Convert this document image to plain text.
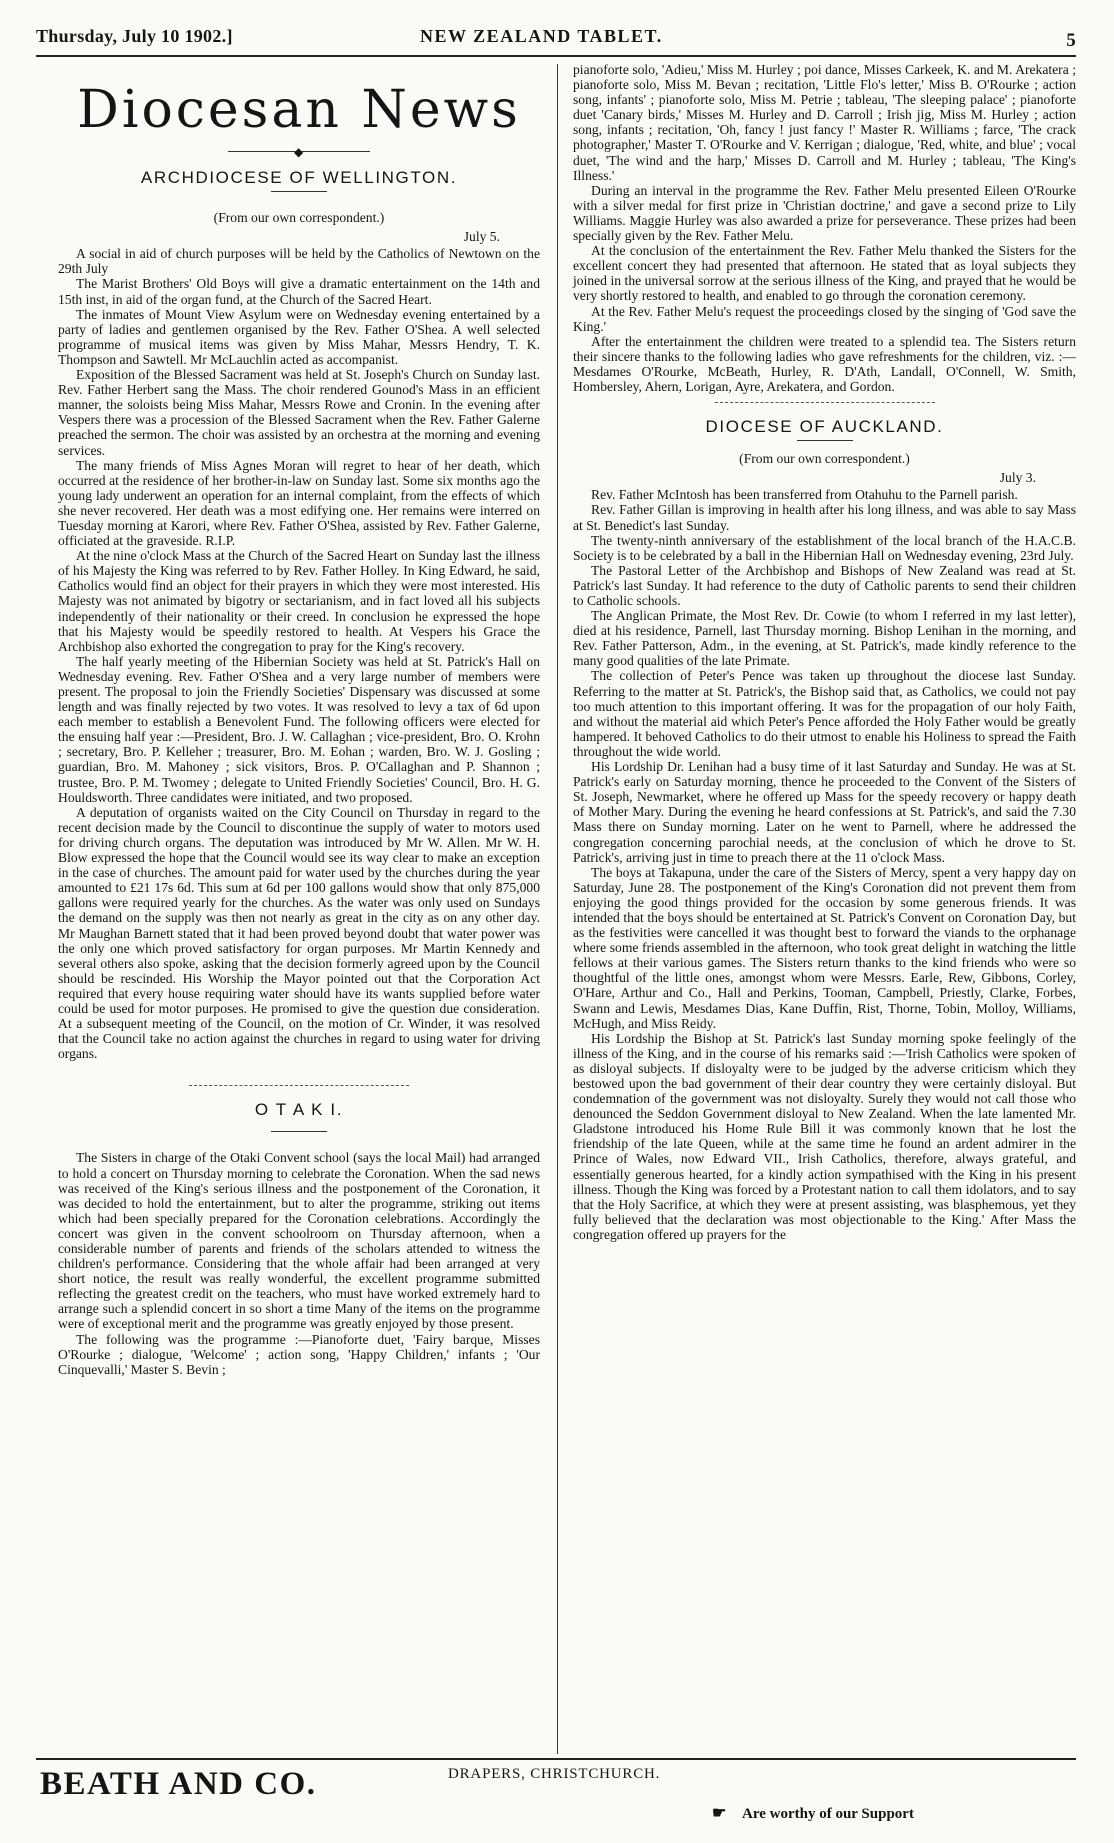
Thursday, July 10 1902.]	NEW ZEALAND TABLET.	5
Diocesan News
◆
ARCHDIOCESE OF WELLINGTON.
(From our own correspondent.)
July 5.

A social in aid of church purposes will be held by the Catholics of Newtown on the 29th July

The Marist Brothers' Old Boys will give a dramatic entertainment on the 14th and 15th inst, in aid of the organ fund, at the Church of the Sacred Heart.

The inmates of Mount View Asylum were on Wednesday evening entertained by a party of ladies and gentlemen organised by the Rev. Father O'Shea. A well selected programme of musical items was given by Miss Mahar, Messrs Hendry, T. K. Thompson and Sawtell. Mr McLauchlin acted as accompanist.

Exposition of the Blessed Sacrament was held at St. Joseph's Church on Sunday last. Rev. Father Herbert sang the Mass. The choir rendered Gounod's Mass in an efficient manner, the soloists being Miss Mahar, Messrs Rowe and Cronin. In the evening after Vespers there was a procession of the Blessed Sacrament when the Rev. Father Galerne preached the sermon. The choir was assisted by an orchestra at the morning and evening services.

The many friends of Miss Agnes Moran will regret to hear of her death, which occurred at the residence of her brother-in-law on Sunday last. Some six months ago the young lady underwent an operation for an internal complaint, from the effects of which she never recovered. Her death was a most edifying one. Her remains were interred on Tuesday morning at Karori, where Rev. Father O'Shea, assisted by Rev. Father Galerne, officiated at the graveside. R.I.P.

At the nine o'clock Mass at the Church of the Sacred Heart on Sunday last the illness of his Majesty the King was referred to by Rev. Father Holley. In King Edward, he said, Catholics would find an object for their prayers in which they were most interested. His Majesty was not animated by bigotry or sectarianism, and in fact loved all his subjects independently of their nationality or their creed. In conclusion he expressed the hope that his Majesty would be speedily restored to health. At Vespers his Grace the Archbishop also exhorted the congregation to pray for the King's recovery.

The half yearly meeting of the Hibernian Society was held at St. Patrick's Hall on Wednesday evening. Rev. Father O'Shea and a very large number of members were present. The proposal to join the Friendly Societies' Dispensary was discussed at some length and was finally rejected by two votes. It was resolved to levy a tax of 6d upon each member to establish a Benevolent Fund. The following officers were elected for the ensuing half year :—President, Bro. J. W. Callaghan ; vice-president, Bro. O. Krohn ; secretary, Bro. P. Kelleher ; treasurer, Bro. M. Eohan ; warden, Bro. W. J. Gosling ; guardian, Bro. M. Mahoney ; sick visitors, Bros. P. O'Callaghan and P. Shannon ; trustee, Bro. P. M. Twomey ; delegate to United Friendly Societies' Council, Bro. H. G. Houldsworth. Three candidates were initiated, and two proposed.

A deputation of organists waited on the City Council on Thursday in regard to the recent decision made by the Council to discontinue the supply of water to motors used for driving church organs. The deputation was introduced by Mr W. Allen. Mr W. H. Blow expressed the hope that the Council would see its way clear to make an exception in the case of churches. The amount paid for water used by the churches during the year amounted to £21 17s 6d. This sum at 6d per 100 gallons would show that only 875,000 gallons were required yearly for the churches. As the water was only used on Sundays the demand on the supply was then not nearly as great in the city as on any other day. Mr Maughan Barnett stated that it had been proved beyond doubt that water power was the only one which proved satisfactory for organ purposes. Mr Martin Kennedy and several others also spoke, asking that the decision formerly agreed upon by the Council should be rescinded. His Worship the Mayor pointed out that the Corporation Act required that every house requiring water should have its wants supplied before water could be used for motor purposes. He promised to give the question due consideration. At a subsequent meeting of the Council, on the motion of Cr. Winder, it was resolved that the Council take no action against the churches in regard to using water for driving organs.

O T A K I.

The Sisters in charge of the Otaki Convent school (says the local Mail) had arranged to hold a concert on Thursday morning to celebrate the Coronation. When the sad news was received of the King's serious illness and the postponement of the Coronation, it was decided to hold the entertainment, but to alter the programme, striking out items which had been specially prepared for the Coronation celebrations. Accordingly the concert was given in the convent schoolroom on Thursday afternoon, when a considerable number of parents and friends of the scholars attended to witness the children's performance. Considering that the whole affair had been arranged at very short notice, the result was really wonderful, the excellent programme submitted reflecting the greatest credit on the teachers, who must have worked extremely hard to arrange such a splendid concert in so short a time Many of the items on the programme were of exceptional merit and the programme was greatly enjoyed by those present.

The following was the programme :—Pianoforte duet, 'Fairy barque, Misses O'Rourke ; dialogue, 'Welcome' ; action song, 'Happy Children,' infants ; 'Our Cinquevalli,' Master S. Bevin ;

pianoforte solo, 'Adieu,' Miss M. Hurley ; poi dance, Misses Carkeek, K. and M. Arekatera ; pianoforte solo, Miss M. Bevan ; recitation, 'Little Flo's letter,' Miss B. O'Rourke ; action song, infants' ; pianoforte solo, Miss M. Petrie ; tableau, 'The sleeping palace' ; pianoforte duet 'Canary birds,' Misses M. Hurley and D. Carroll ; Irish jig, Miss M. Hurley ; action song, infants ; recitation, 'Oh, fancy ! just fancy !' Master R. Williams ; farce, 'The crack photographer,' Master T. O'Rourke and V. Kerrigan ; dialogue, 'Red, white, and blue' ; vocal duet, 'The wind and the harp,' Misses D. Carroll and M. Hurley ; tableau, 'The King's Illness.'

During an interval in the programme the Rev. Father Melu presented Eileen O'Rourke with a silver medal for first prize in 'Christian doctrine,' and gave a second prize to Lily Williams. Maggie Hurley was also awarded a prize for perseverance. These prizes had been specially given by the Rev. Father Melu.

At the conclusion of the entertainment the Rev. Father Melu thanked the Sisters for the excellent concert they had presented that afternoon. He stated that as loyal subjects they joined in the universal sorrow at the serious illness of the King, and prayed that he would be very shortly restored to health, and enabled to go through the coronation ceremony.

At the Rev. Father Melu's request the proceedings closed by the singing of 'God save the King.'

After the entertainment the children were treated to a splendid tea. The Sisters return their sincere thanks to the following ladies who gave refreshments for the children, viz. :—Mesdames O'Rourke, McBeath, Hurley, R. D'Ath, Landall, O'Connell, W. Smith, Hombersley, Ahern, Lorigan, Ayre, Arekatera, and Gordon.

DIOCESE OF AUCKLAND.
(From our own correspondent.)
July 3.

Rev. Father McIntosh has been transferred from Otahuhu to the Parnell parish.

Rev. Father Gillan is improving in health after his long illness, and was able to say Mass at St. Benedict's last Sunday.

The twenty-ninth anniversary of the establishment of the local branch of the H.A.C.B. Society is to be celebrated by a ball in the Hibernian Hall on Wednesday evening, 23rd July.

The Pastoral Letter of the Archbishop and Bishops of New Zealand was read at St. Patrick's last Sunday. It had reference to the duty of Catholic parents to send their children to Catholic schools.

The Anglican Primate, the Most Rev. Dr. Cowie (to whom I referred in my last letter), died at his residence, Parnell, last Thursday morning. Bishop Lenihan in the morning, and Rev. Father Patterson, Adm., in the evening, at St. Patrick's, made kindly reference to the many good qualities of the late Primate.

The collection of Peter's Pence was taken up throughout the diocese last Sunday. Referring to the matter at St. Patrick's, the Bishop said that, as Catholics, we could not pay too much attention to this important offering. It was for the propagation of our holy Faith, and without the material aid which Peter's Pence afforded the Holy Father would be greatly hampered. It behoved Catholics to do their utmost to enable his Holiness to spread the Faith throughout the wide world.

His Lordship Dr. Lenihan had a busy time of it last Saturday and Sunday. He was at St. Patrick's early on Saturday morning, thence he proceeded to the Convent of the Sisters of St. Joseph, Newmarket, where he offered up Mass for the speedy recovery or happy death of Mother Mary. During the evening he heard confessions at St. Patrick's, and said the 7.30 Mass there on Sunday morning. Later on he went to Parnell, where he addressed the congregation concerning parochial needs, at the conclusion of which he drove to St. Patrick's, arriving just in time to preach there at the 11 o'clock Mass.

The boys at Takapuna, under the care of the Sisters of Mercy, spent a very happy day on Saturday, June 28. The postponement of the King's Coronation did not prevent them from enjoying the good things provided for the occasion by some generous friends. It was intended that the boys should be entertained at St. Patrick's Convent on Coronation Day, but as the festivities were cancelled it was thought best to forward the viands to the orphanage where some friends assembled in the afternoon, who took great delight in watching the little fellows at their various games. The Sisters return thanks to the kind friends who were so thoughtful of the little ones, amongst whom were Messrs. Earle, Rew, Gibbons, Corley, O'Hare, Arthur and Co., Hall and Perkins, Tooman, Campbell, Priestly, Clarke, Forbes, Swann and Lewis, Mesdames Dias, Kane Duffin, Rist, Thorne, Tobin, Molloy, Williams, McHugh, and Miss Reidy.

His Lordship the Bishop at St. Patrick's last Sunday morning spoke feelingly of the illness of the King, and in the course of his remarks said :—'Irish Catholics were spoken of as disloyal subjects. If disloyalty were to be judged by the adverse criticism which they bestowed upon the bad government of their dear country they were certainly disloyal. But condemnation of the government was not disloyalty. Surely they would not call those who denounced the Seddon Government disloyal to New Zealand. When the late lamented Mr. Gladstone introduced his Home Rule Bill it was commonly known that he lost the friendship of the late Queen, while at the same time he found an ardent admirer in the Prince of Wales, now Edward VII., Irish Catholics, therefore, always grateful, and essentially generous hearted, for a kindly action sympathised with the King in his present illness. Though the King was forced by a Protestant nation to call them idolators, and to say that the Holy Sacrifice, at which they were at present assisting, was blasphemous, yet they fully believed that the declaration was most objectionable to the King.' After Mass the congregation offered up prayers for the

BEATH AND CO.	DRAPERS, CHRISTCHURCH.
☛ Are worthy of our Support
